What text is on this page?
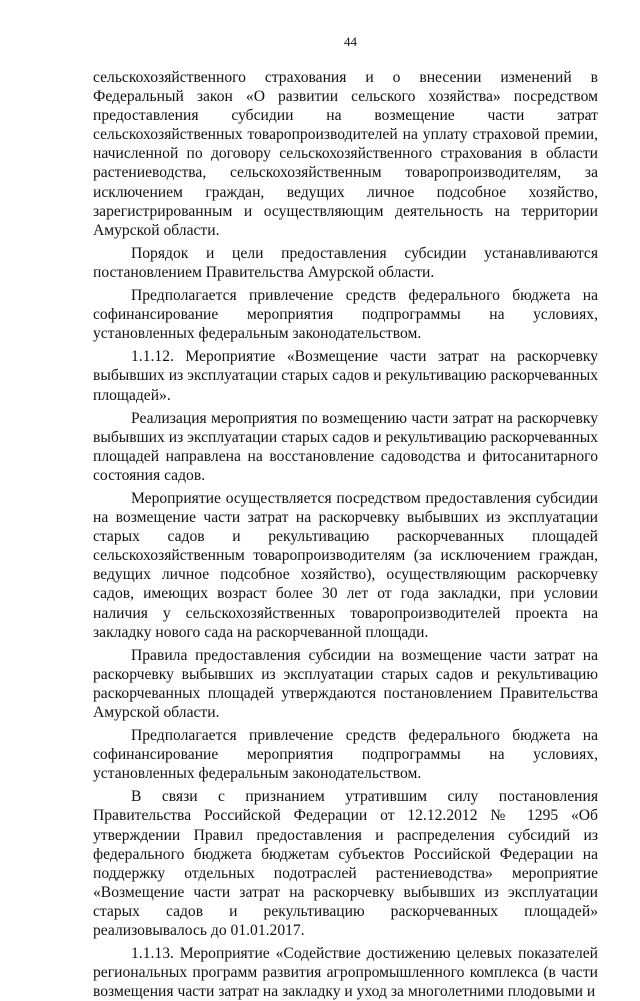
44

сельскохозяйственного страхования и о внесении изменений в Федеральный закон «О развитии сельского хозяйства» посредством предоставления субсидии на возмещение части затрат сельскохозяйственных товаропроизводителей на уплату страховой премии, начисленной по договору сельскохозяйственного страхования в области растениеводства, сельскохозяйственным товаропроизводителям, за исключением граждан, ведущих личное подсобное хозяйство, зарегистрированным и осуществляющим деятельность на территории Амурской области.

Порядок и цели предоставления субсидии устанавливаются постановлением Правительства Амурской области.

Предполагается привлечение средств федерального бюджета на софинансирование мероприятия подпрограммы на условиях, установленных федеральным законодательством.

1.1.12. Мероприятие «Возмещение части затрат на раскорчевку выбывших из эксплуатации старых садов и рекультивацию раскорчеванных площадей».

Реализация мероприятия по возмещению части затрат на раскорчевку выбывших из эксплуатации старых садов и рекультивацию раскорчеванных площадей направлена на восстановление садоводства и фитосанитарного состояния садов.

Мероприятие осуществляется посредством предоставления субсидии на возмещение части затрат на раскорчевку выбывших из эксплуатации старых садов и рекультивацию раскорчеванных площадей сельскохозяйственным товаропроизводителям (за исключением граждан, ведущих личное подсобное хозяйство), осуществляющим раскорчевку садов, имеющих возраст более 30 лет от года закладки, при условии наличия у сельскохозяйственных товаропроизводителей проекта на закладку нового сада на раскорчеванной площади.

Правила предоставления субсидии на возмещение части затрат на раскорчевку выбывших из эксплуатации старых садов и рекультивацию раскорчеванных площадей утверждаются постановлением Правительства Амурской области.

Предполагается привлечение средств федерального бюджета на софинансирование мероприятия подпрограммы на условиях, установленных федеральным законодательством.

В связи с признанием утратившим силу постановления Правительства Российской Федерации от 12.12.2012 № 1295 «Об утверждении Правил предоставления и распределения субсидий из федерального бюджета бюджетам субъектов Российской Федерации на поддержку отдельных подотраслей растениеводства» мероприятие «Возмещение части затрат на раскорчевку выбывших из эксплуатации старых садов и рекультивацию раскорчеванных площадей» реализовывалось до 01.01.2017.

1.1.13. Мероприятие «Содействие достижению целевых показателей региональных программ развития агропромышленного комплекса (в части возмещения части затрат на закладку и уход за многолетними плодовыми и
